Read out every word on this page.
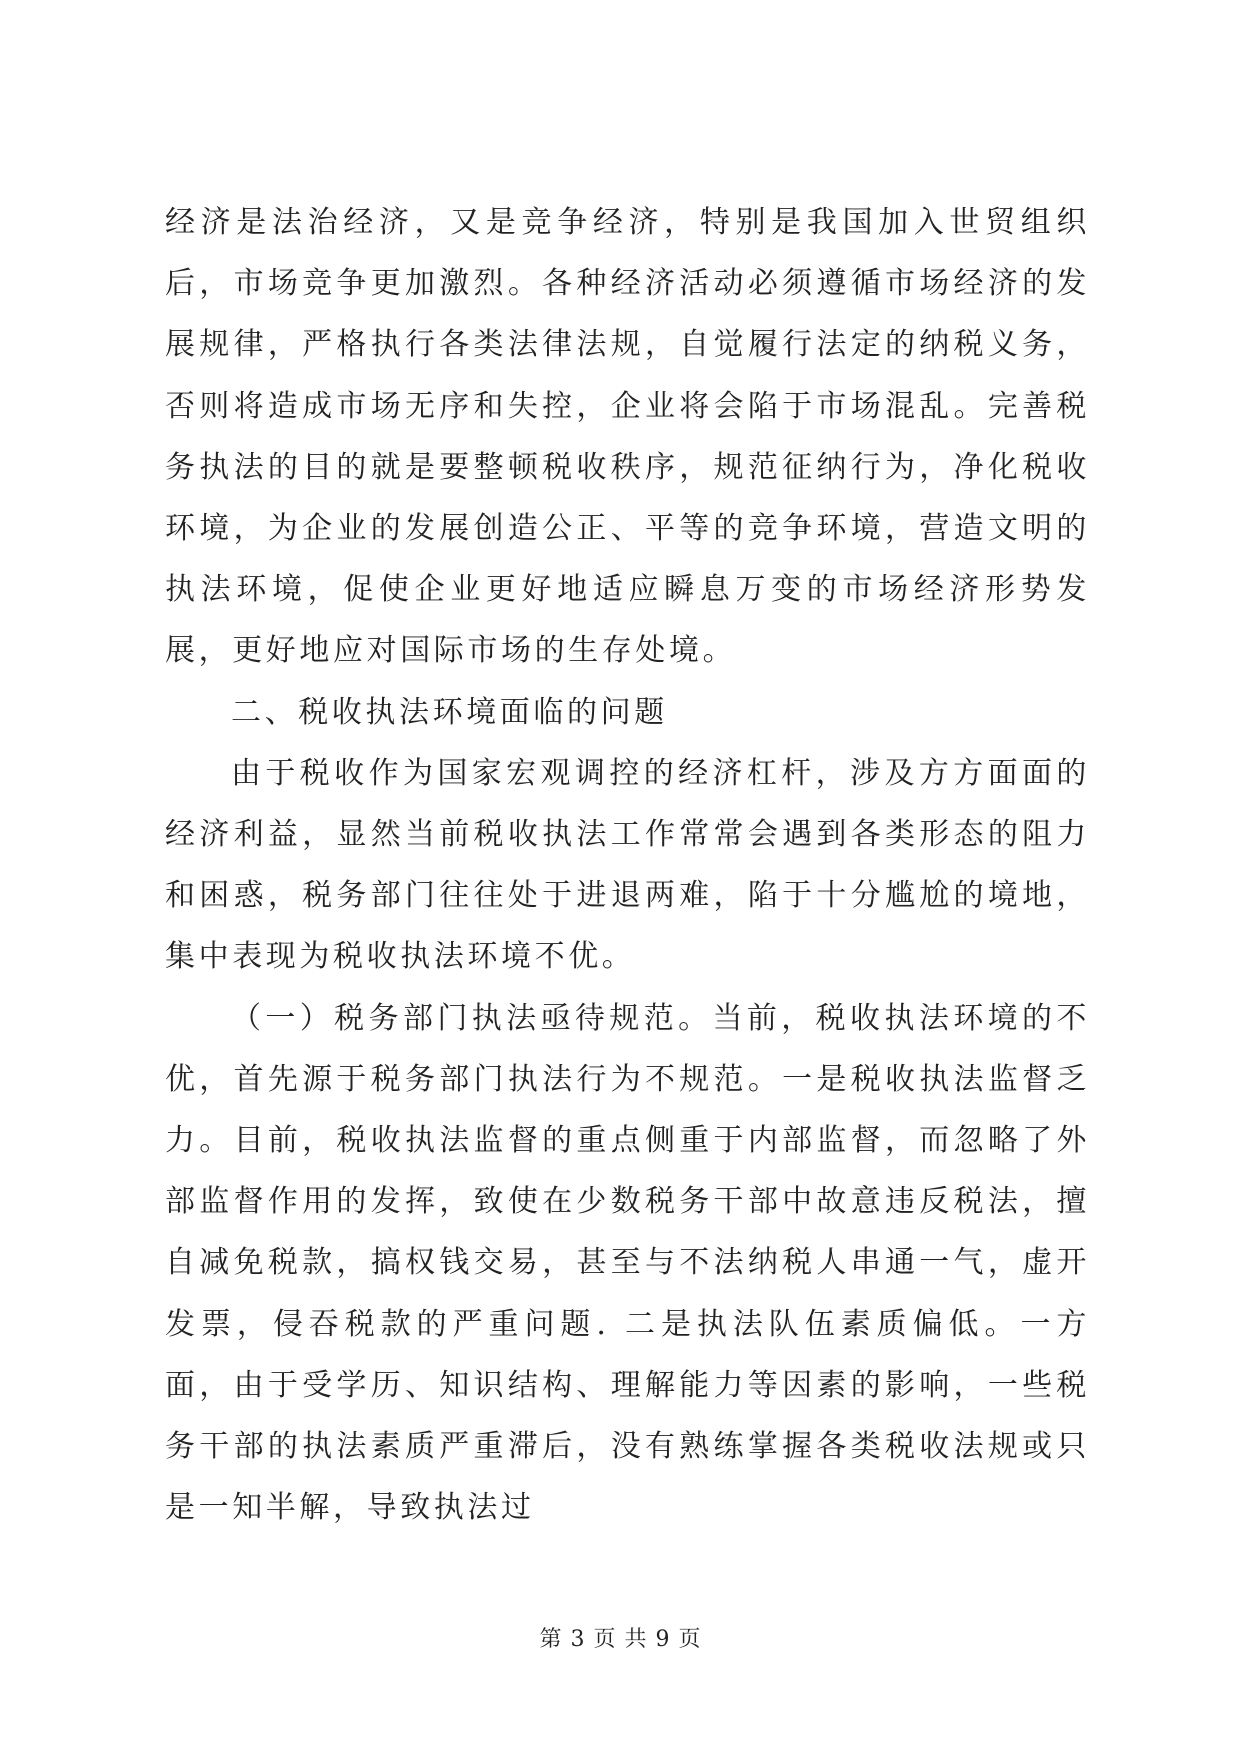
经济是法治经济，又是竞争经济，特别是我国加入世贸组织后，市场竞争更加激烈。各种经济活动必须遵循市场经济的发展规律，严格执行各类法律法规，自觉履行法定的纳税义务，否则将造成市场无序和失控，企业将会陷于市场混乱。完善税务执法的目的就是要整顿税收秩序，规范征纳行为，净化税收环境，为企业的发展创造公正、平等的竞争环境，营造文明的执法环境，促使企业更好地适应瞬息万变的市场经济形势发展，更好地应对国际市场的生存处境。

二、税收执法环境面临的问题

由于税收作为国家宏观调控的经济杠杆，涉及方方面面的经济利益，显然当前税收执法工作常常会遇到各类形态的阻力和困惑，税务部门往往处于进退两难，陷于十分尴尬的境地，集中表现为税收执法环境不优。

（一）税务部门执法亟待规范。当前，税收执法环境的不优，首先源于税务部门执法行为不规范。一是税收执法监督乏力。目前，税收执法监督的重点侧重于内部监督，而忽略了外部监督作用的发挥，致使在少数税务干部中故意违反税法，擅自减免税款，搞权钱交易，甚至与不法纳税人串通一气，虚开发票，侵吞税款的严重问题. 二是执法队伍素质偏低。一方面，由于受学历、知识结构、理解能力等因素的影响，一些税务干部的执法素质严重滞后，没有熟练掌握各类税收法规或只是一知半解，导致执法过

第 3 页 共 9 页
